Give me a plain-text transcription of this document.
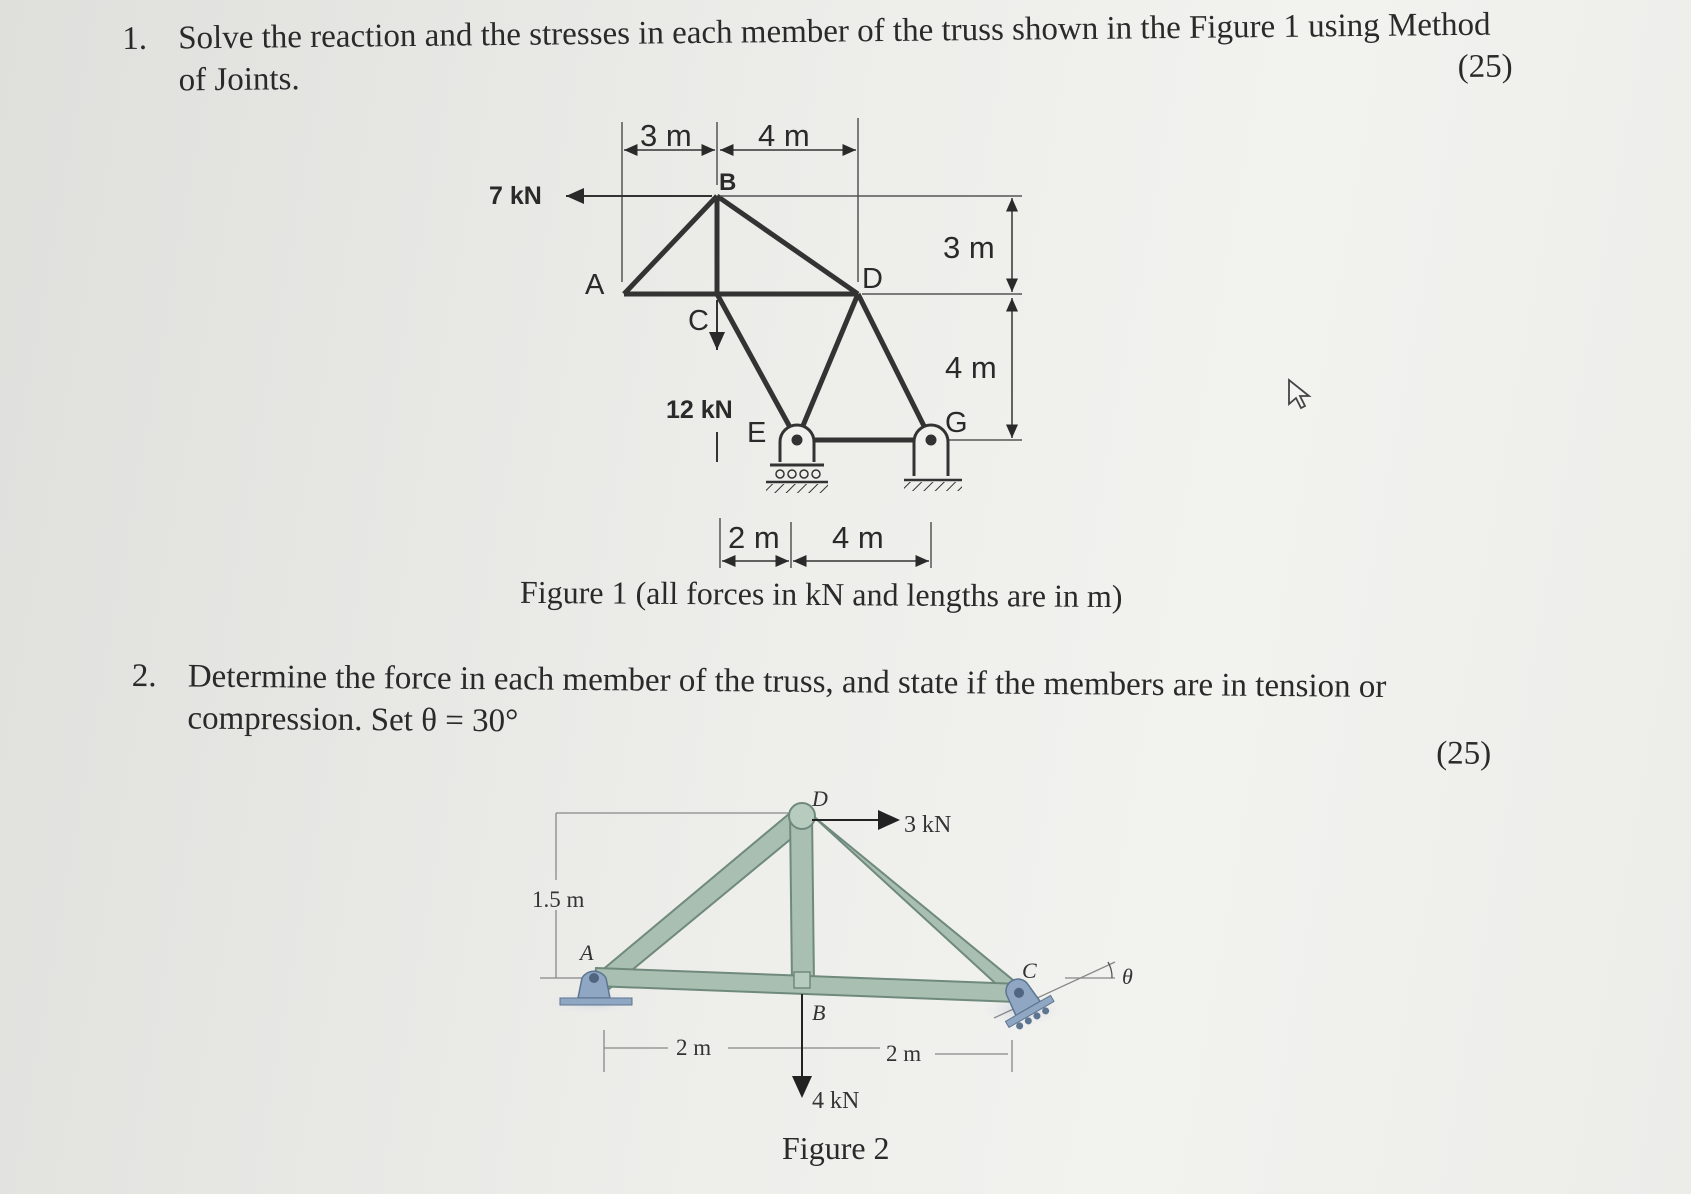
1. Solve the reaction and the stresses in each member of the truss shown in the Figure 1 using Method of Joints.	(25)
2. Determine the force in each member of the truss, and state if the members are in tension or compression. Set θ = 30°
(25)
3 m 4 m
3 m
4 m
2 m 4 m
7 kN
12 kN
A
B
C
D
E	G
3 kN
4 kN
1.5 m
2 m	2 m
θ
A
B
C
D
Figure 1 (all forces in kN and lengths are in m)
Figure 2
